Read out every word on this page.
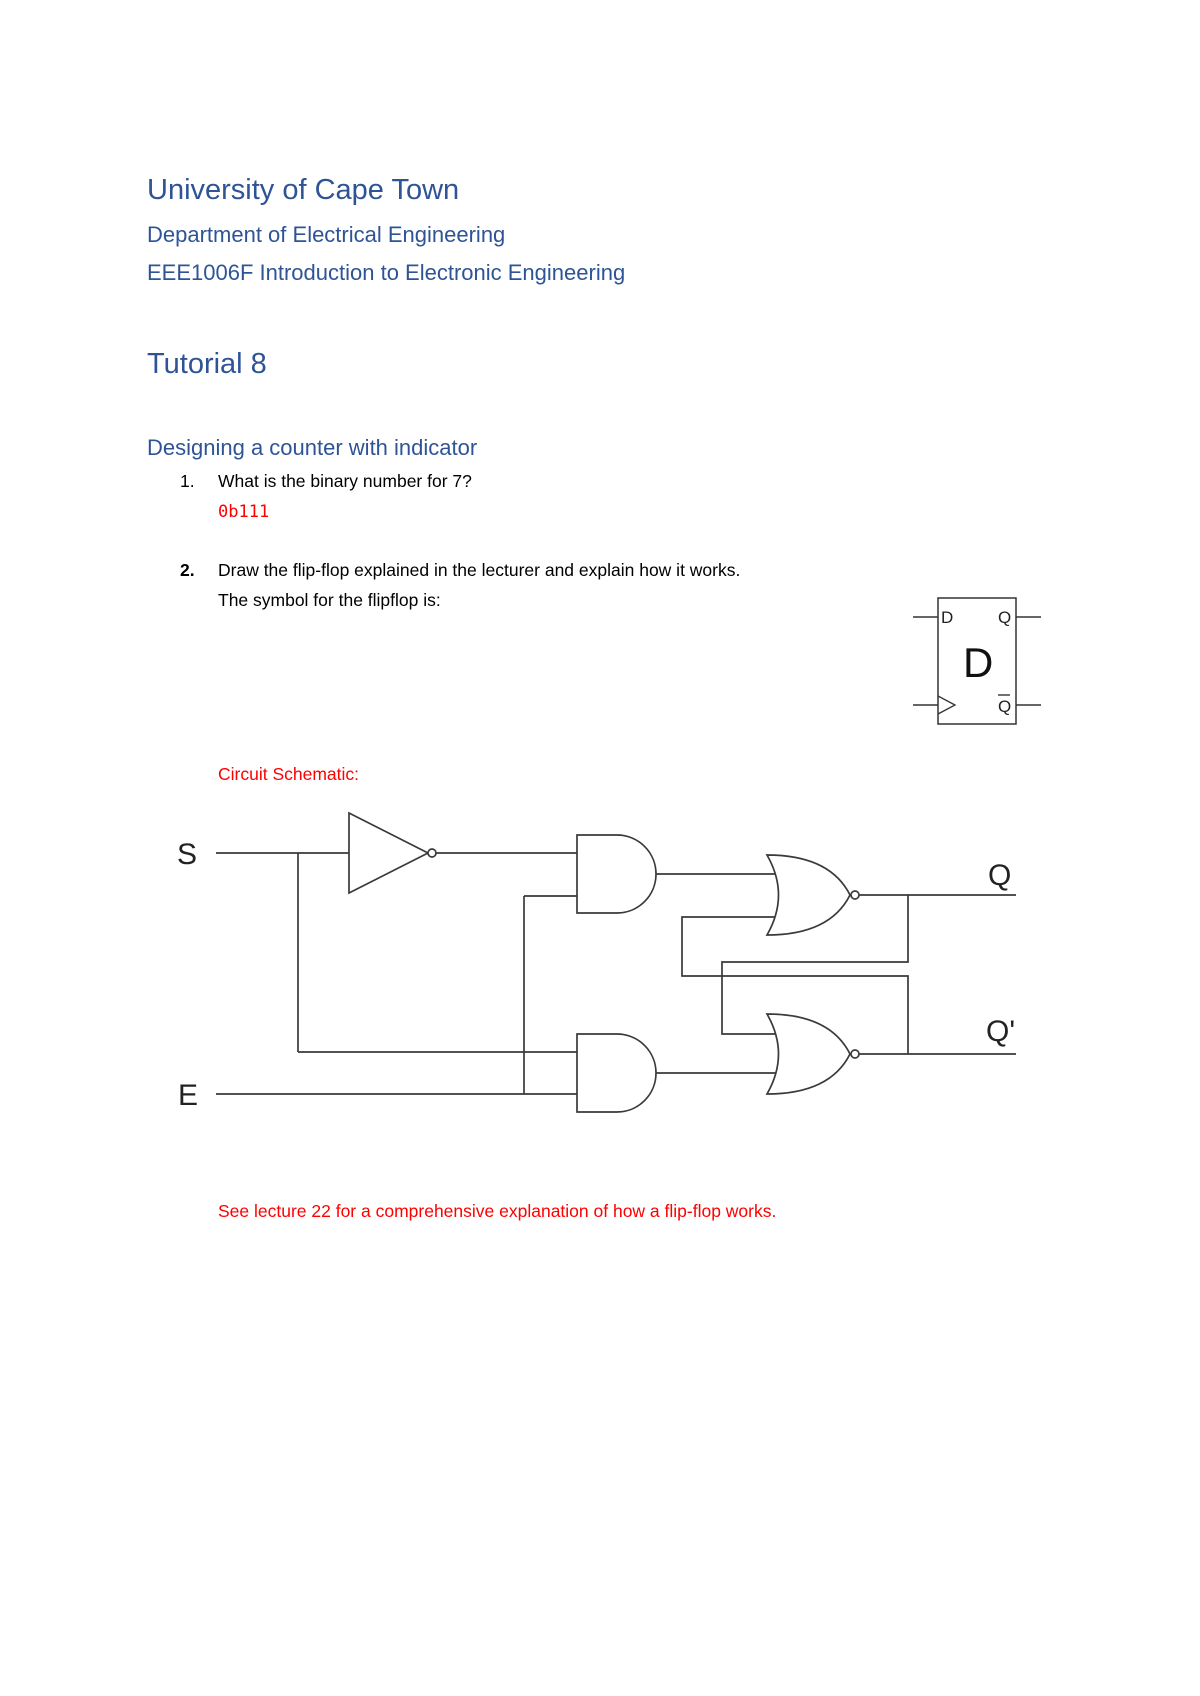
University of Cape Town

Department of Electrical Engineering

EEE1006F Introduction to Electronic Engineering

Tutorial 8

Designing a counter with indicator

1. What is the binary number for 7?
0b111
2. Draw the flip-flop explained in the lecturer and explain how it works.
The symbol for the flipflop is:
D	Q
D
Q
Circuit Schematic:
S
E
Q
Q'
See lecture 22 for a comprehensive explanation of how a flip-flop works.
